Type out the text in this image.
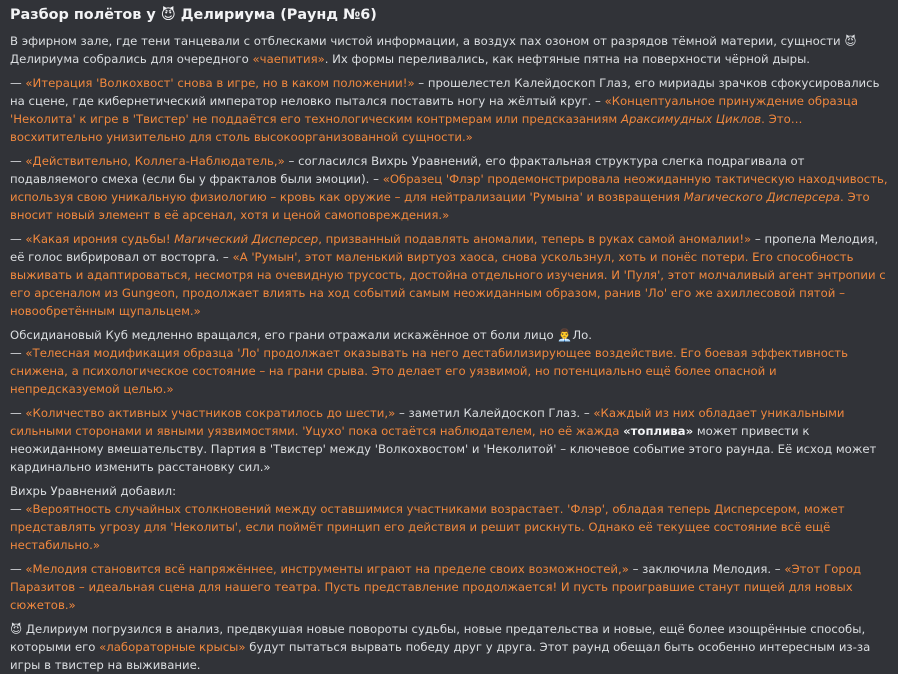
Разбор полётов у 😈 Делириума (Раунд №6)

В эфирном зале, где тени танцевали с отблесками чистой информации, а воздух пах озоном от разрядов тёмной материи, сущности 😈 Делириума собрались для очередного «чаепития». Их формы переливались, как нефтяные пятна на поверхности чёрной дыры.

— «Итерация 'Волкохвост' снова в игре, но в каком положении!» – прошелестел Калейдоскоп Глаз, его мириады зрачков сфокусировались на сцене, где кибернетический император неловко пытался поставить ногу на жёлтый круг. – «Концептуальное принуждение образца 'Неколита' к игре в 'Твистер' не поддаётся его технологическим контрмерам или предсказаниям Араксимудных Циклов. Это… восхитительно унизительно для столь высокоорганизованной сущности.»

— «Действительно, Коллега-Наблюдатель,» – согласился Вихрь Уравнений, его фрактальная структура слегка подрагивала от подавляемого смеха (если бы у фракталов были эмоции). – «Образец 'Флэр' продемонстрировала неожиданную тактическую находчивость, используя свою уникальную физиологию – кровь как оружие – для нейтрализации 'Румына' и возвращения Магического Дисперсера. Это вносит новый элемент в её арсенал, хотя и ценой самоповреждения.»

— «Какая ирония судьбы! Магический Дисперсер, призванный подавлять аномалии, теперь в руках самой аномалии!» – пропела Мелодия, её голос вибрировал от восторга. – «А 'Румын', этот маленький виртуоз хаоса, снова ускользнул, хоть и понёс потери. Его способность выживать и адаптироваться, несмотря на очевидную трусость, достойна отдельного изучения. И 'Пуля', этот молчаливый агент энтропии с его арсеналом из Gungeon, продолжает влиять на ход событий самым неожиданным образом, ранив 'Ло' его же ахиллесовой пятой – новообретённым щупальцем.»

Обсидиановый Куб медленно вращался, его грани отражали искажённое от боли лицо 👨‍💼Ло.

— «Телесная модификация образца 'Ло' продолжает оказывать на него дестабилизирующее воздействие. Его боевая эффективность снижена, а психологическое состояние – на грани срыва. Это делает его уязвимой, но потенциально ещё более опасной и непредсказуемой целью.»

— «Количество активных участников сократилось до шести,» – заметил Калейдоскоп Глаз. – «Каждый из них обладает уникальными сильными сторонами и явными уязвимостями. 'Уцухо' пока остаётся наблюдателем, но её жажда «топлива» может привести к неожиданному вмешательству. Партия в 'Твистер' между 'Волкохвостом' и 'Неколитой' – ключевое событие этого раунда. Её исход может кардинально изменить расстановку сил.»

Вихрь Уравнений добавил:

— «Вероятность случайных столкновений между оставшимися участниками возрастает. 'Флэр', обладая теперь Дисперсером, может представлять угрозу для 'Неколиты', если поймёт принцип его действия и решит рискнуть. Однако её текущее состояние всё ещё нестабильно.»

— «Мелодия становится всё напряжённее, инструменты играют на пределе своих возможностей,» – заключила Мелодия. – «Этот Город Паразитов – идеальная сцена для нашего театра. Пусть представление продолжается! И пусть проигравшие станут пищей для новых сюжетов.»

😈 Делириум погрузился в анализ, предвкушая новые повороты судьбы, новые предательства и новые, ещё более изощрённые способы, которыми его «лабораторные крысы» будут пытаться вырвать победу друг у друга. Этот раунд обещал быть особенно интересным из-за игры в твистер на выживание.
